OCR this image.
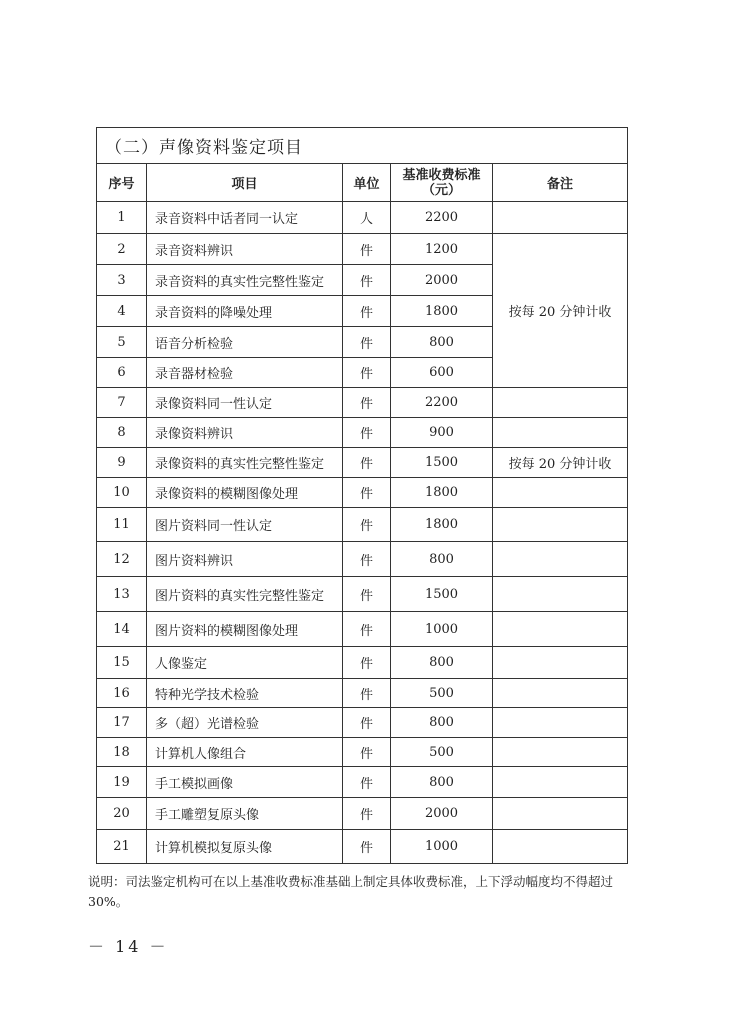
（二）声像资料鉴定项目				
序号	项目	单位	基准收费标准（元）	备注
1	录音资料中话者同一认定	人	2200	
2	录音资料辨识	件	1200	按每 20 分钟计收
3	录音资料的真实性完整性鉴定	件	2000	
4	录音资料的降噪处理	件	1800	
5	语音分析检验	件	800	
6	录音器材检验	件	600	
7	录像资料同一性认定	件	2200	
8	录像资料辨识	件	900	
9	录像资料的真实性完整性鉴定	件	1500	按每 20 分钟计收
10	录像资料的模糊图像处理	件	1800	
11	图片资料同一性认定	件	1800	
12	图片资料辨识	件	800	
13	图片资料的真实性完整性鉴定	件	1500	
14	图片资料的模糊图像处理	件	1000	
15	人像鉴定	件	800	
16	特种光学技术检验	件	500	
17	多（超）光谱检验	件	800	
18	计算机人像组合	件	500	
19	手工模拟画像	件	800	
20	手工雕塑复原头像	件	2000	
21	计算机模拟复原头像	件	1000	
说明：司法鉴定机构可在以上基准收费标准基础上制定具体收费标准，上下浮动幅度均不得超过 30%。
－ 14 －
